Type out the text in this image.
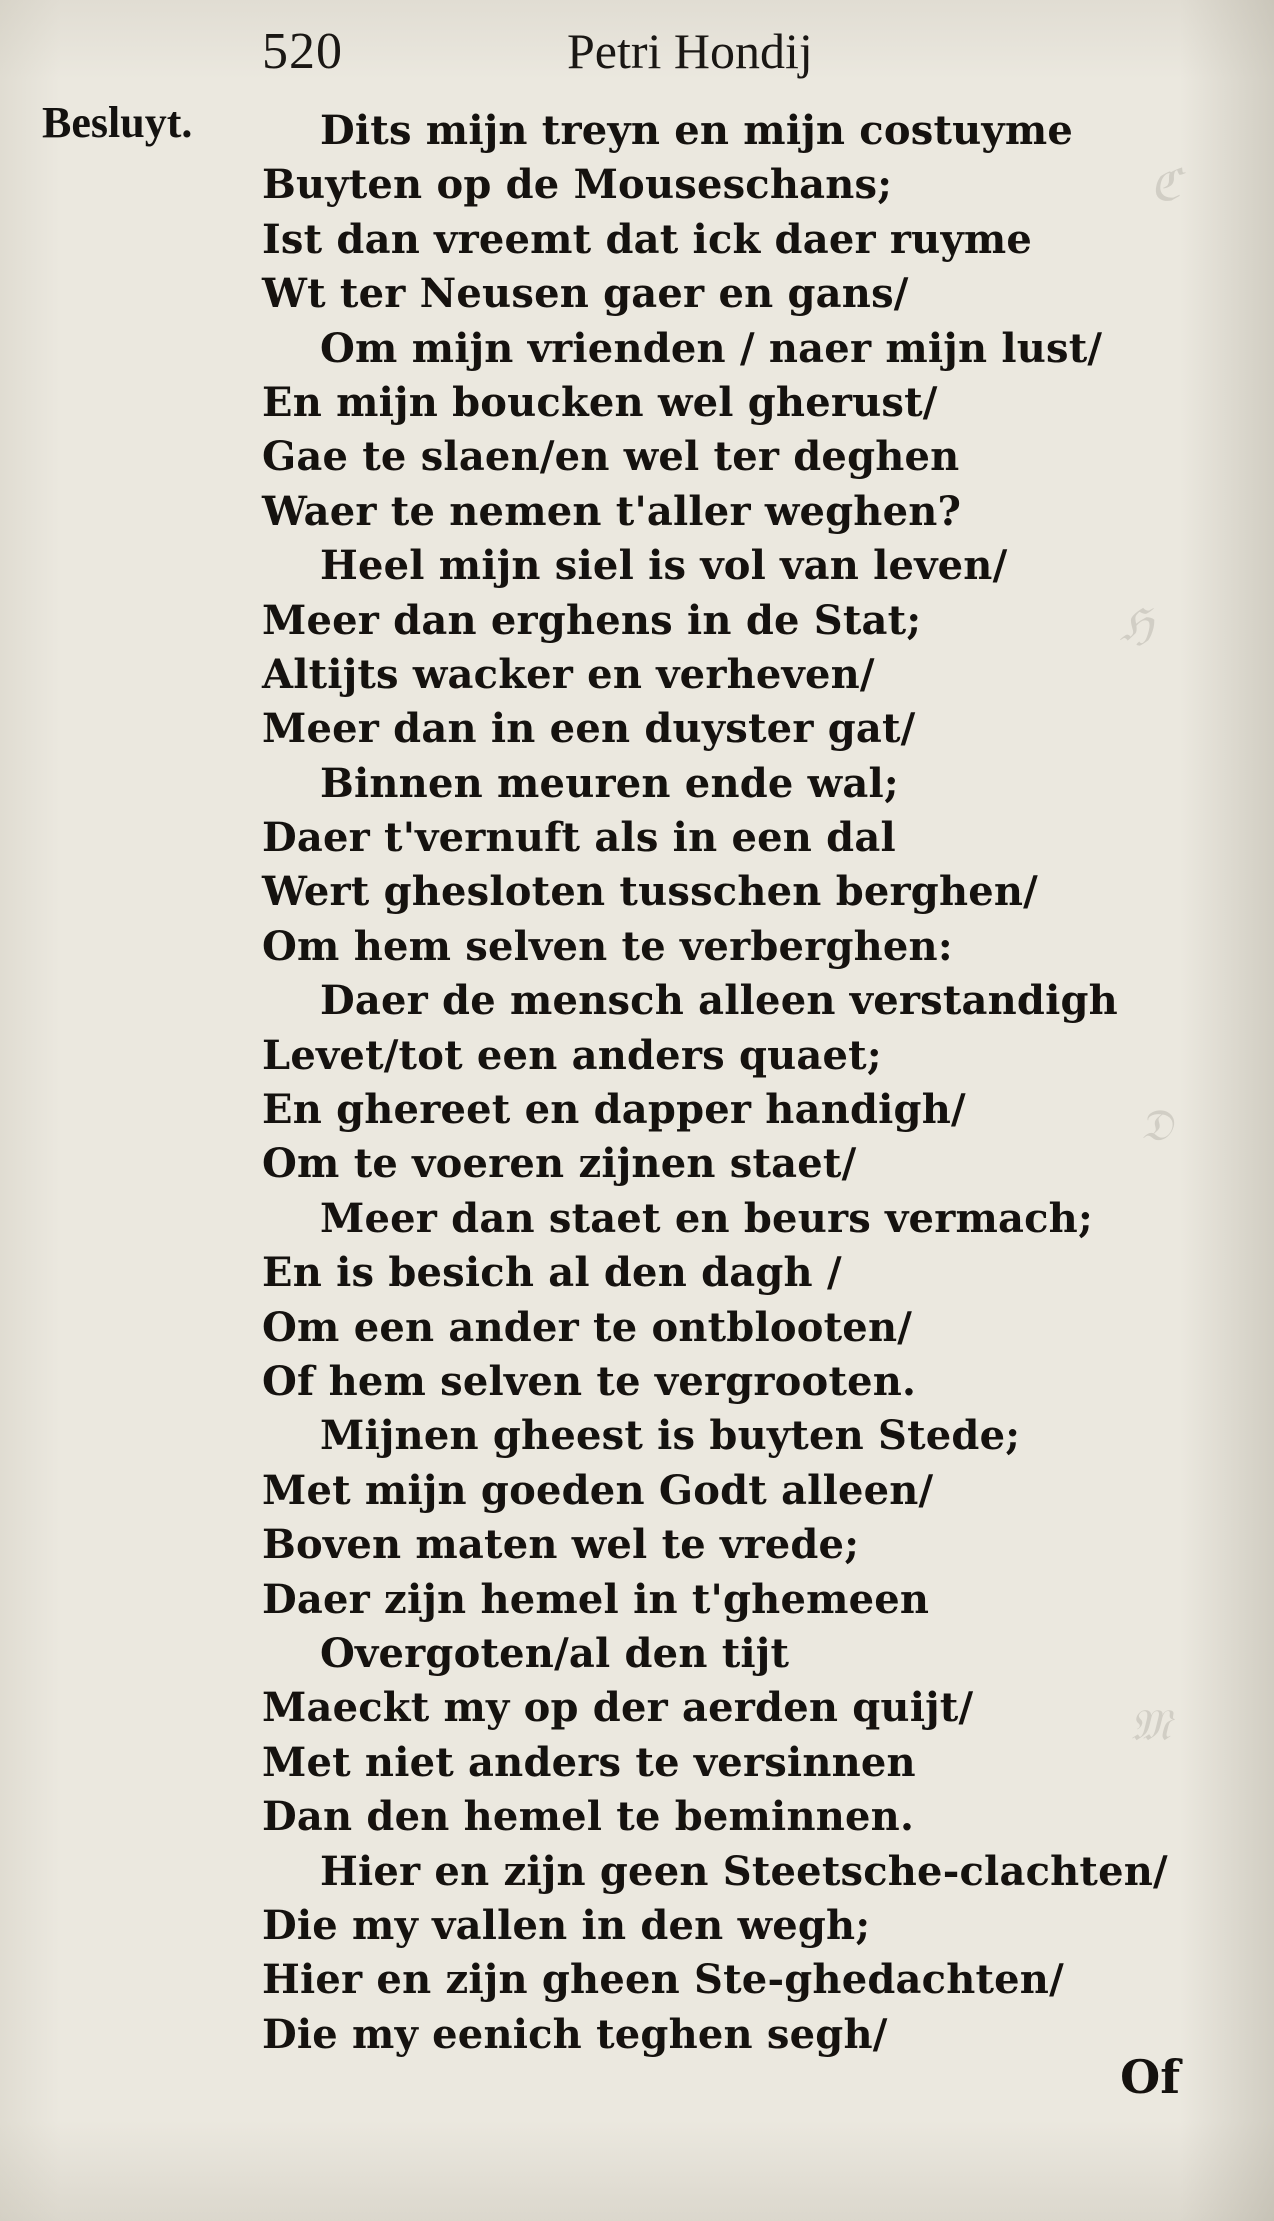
ℭ
ℌ
𝔇
𝔐
520	Petri Hondij
Besluyt.	Dits mijn treyn en mijn costuyme
Buyten op de Mouseschans;
Ist dan vreemt dat ick daer ruyme
Wt ter Neusen gaer en gans/
Om mijn vrienden / naer mijn lust/
En mijn boucken wel gherust/
Gae te slaen/en wel ter deghen
Waer te nemen t'aller weghen?
Heel mijn siel is vol van leven/
Meer dan erghens in de Stat;
Altijts wacker en verheven/
Meer dan in een duyster gat/
Binnen meuren ende wal;
Daer t'vernuft als in een dal
Wert ghesloten tusschen berghen/
Om hem selven te verberghen:
Daer de mensch alleen verstandigh
Levet/tot een anders quaet;
En ghereet en dapper handigh/
Om te voeren zijnen staet/
Meer dan staet en beurs vermach;
En is besich al den dagh /
Om een ander te ontblooten/
Of hem selven te vergrooten.
Mijnen gheest is buyten Stede;
Met mijn goeden Godt alleen/
Boven maten wel te vrede;
Daer zijn hemel in t'ghemeen
Overgoten/al den tijt
Maeckt my op der aerden quijt/
Met niet anders te versinnen
Dan den hemel te beminnen.
Hier en zijn geen Steetsche-clachten/
Die my vallen in den wegh;
Hier en zijn gheen Ste-ghedachten/
Die my eenich teghen segh/
Of
